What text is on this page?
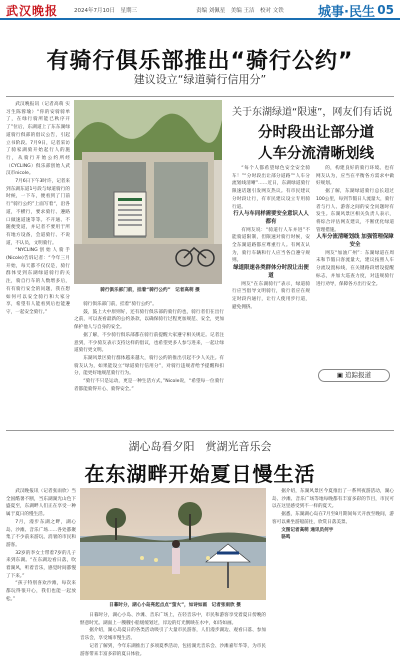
武汉晚报	2024年7月10日　星期三	责编 刘佩星　美编 王洁　校对 文铁	城事·民生 05
有骑行俱乐部推出“骑行公约”
建议设立“绿道骑行信用分”

武汉晚报讯（记者高萌 实习生陈蓉瑜）“你的安骑骑单了，在绿行骑所能已秋序开了”位后，东湖道上了东东湖绿道骑行俱部的倡议公告，引起立书阶段。7月9日，记者采访了骑家湖骑开始起行人的施行，从骑行开始公约所经（CYCLING）俱乐部创始人武汉市nicole。

7月6日下午3时许，记者来到东湖东道1号段与绿道骑行的时候，一下车，便看到了门前行”骑行公约”上面写着“，沿各道，不横行，要求骑行、遵路口做速道速等等。不开通、不随便变道，并记者不要用于所有地方设备，会道骑行、不说道，不认员，文明骑行。

“NYCLING创始人骑手(Nicole)告诉记者：“今年三月开始，每天都不仅仅是，骑行群体受到东湖绿道骑行的关注，骑自行车的人数增多后，有有骑行安全的问题，我在想如何可以安全骑行和大家分享，希望有人能看到后也能遵守，一起安全骑行。”

骑行俱乐部门前，挂着“骑行公约”　记者高萌 摄

骑行俱乐部门前，挂着“骑行公约”。

鼓，鼓上大中原则好，还有骑行俱乐部的骑行的也，骑行者们在出行之前，可以查看最新的公约条款，以确保骑行过程更加规范、安全，更加保护他人与自身的安全。

据了解，不少骑行俱乐部都在骑行前提醒大家遵守相关规定。记者注意到，不少骑友表示支持这样的倡议，也希望更多人参与进来，一起让绿道骑行更文明。

东湖风景区骑行群体越来越大，骑行公约的推出引起不少人关注。有骑友认为，如果能设立“绿道骑行信用分”，对骑行违规者给予提醒和扣分，能更好地规范骑行行为。

“骑行不只是运动，更是一种生活方式，”Nicole说，“希望每一位骑行者都能骑得开心、骑得安全。”

关于东湖绿道“限速”，网友们有话说
分时段出让部分道
人车分流清晰划线

“每个人都希望绿色安全安全骑车！”“分时段出让部分道路”“人车分流划线清晰”……近日，东湖绿道骑行限速话题引发网友热议。有市民建议分时段让行，有市民建议设立专用骑行道。

行人与车同样需要安全意识人人都有

有网友说：“骑道行人车并进”不能骑道限制，但限速对骑行时候，安全东湖道路都应尊重行人。有网友认为，骑行车辆和行人应当各自遵守规则。

绿道限速各类群体分时段让出便道

网友“在东湖骑行”表示，绿道骑行应当倡导文明骑行，骑行者应在规定时段内通行，让行人使用步行道，避免拥挤。

的，构建良好的骑行环境。也有网友认为，应当在平衡各方需求中做好规划。

据了解，东湖绿道骑行总长超过100公里，每到节假日人流量大，骑行者与行人、游客之间的安全问题时有发生。东湖风景区相关负责人表示，将综合评估网友建议，不断优化绿道管理措施。

人车分流清晰划线 加强管理保障安全

网友“加油广州”：东湖绿道在周末和节假日客流量大，建议按照人车分流设置标线，在关键路段增设提醒标志，并加大巡查力度，对违规骑行进行劝导，保障各方出行安全。

▣ 追踪报道
湖心岛看夕阳　赏湖光音乐会
在东湖畔开始夏日慢生活

武汉晚报讯（记者张雨欣）当全国酷暑不断，当东湖湖光山色下盛夏至，东湖畔人们正在享受一种属于夏日的慢生活。

7月，漫步东湖之畔，湖心岛、沙滩、音乐广场……各处都聚集了不少前来游玩、消暑的市民和游客。

32岁的李女士带着7岁的儿子来到东湖。“在东湖边看日落，吹着湖风，听着音乐，感觉时间都慢了下来。”

“孩子特别喜欢沙滩，每次来都玩得很开心，我们也能一起放松。”

日暮时分，湖心小岛亮起点点“萤火”，如诗如画　记者张雨欣 摄

日暮时分，湖心小岛、沙滩、音乐广场上，在轻音乐中，市民和游客享受着夏日傍晚的惬意时光。湖面上一艘艘小船缓缓划过，岸边的灯光倒映在水中，如诗如画。

据介绍，湖心岛夏日的各类活动吸引了大量市民游客，人们漫步湖边、观看日落、参加音乐会，享受城市慢生活。

记者了解到，今年东湖推出了多项夏季活动，包括湖光音乐会、沙滩嘉年华等，为市民游客带来丰富多彩的夏日体验。

据介绍，东湖风景区今夏推出了一系列夜游活动，湖心岛、沙滩、音乐广场等地每晚都有丰富多彩的节目，市民可以在这里感受到不一样的夏天。

据悉，东湖湖心岛在7月至8月期间每天开放至晚间，游客可以乘坐游船前往，欣赏日落美景。

文图记者高萌 通讯员何宇

骆鸣
